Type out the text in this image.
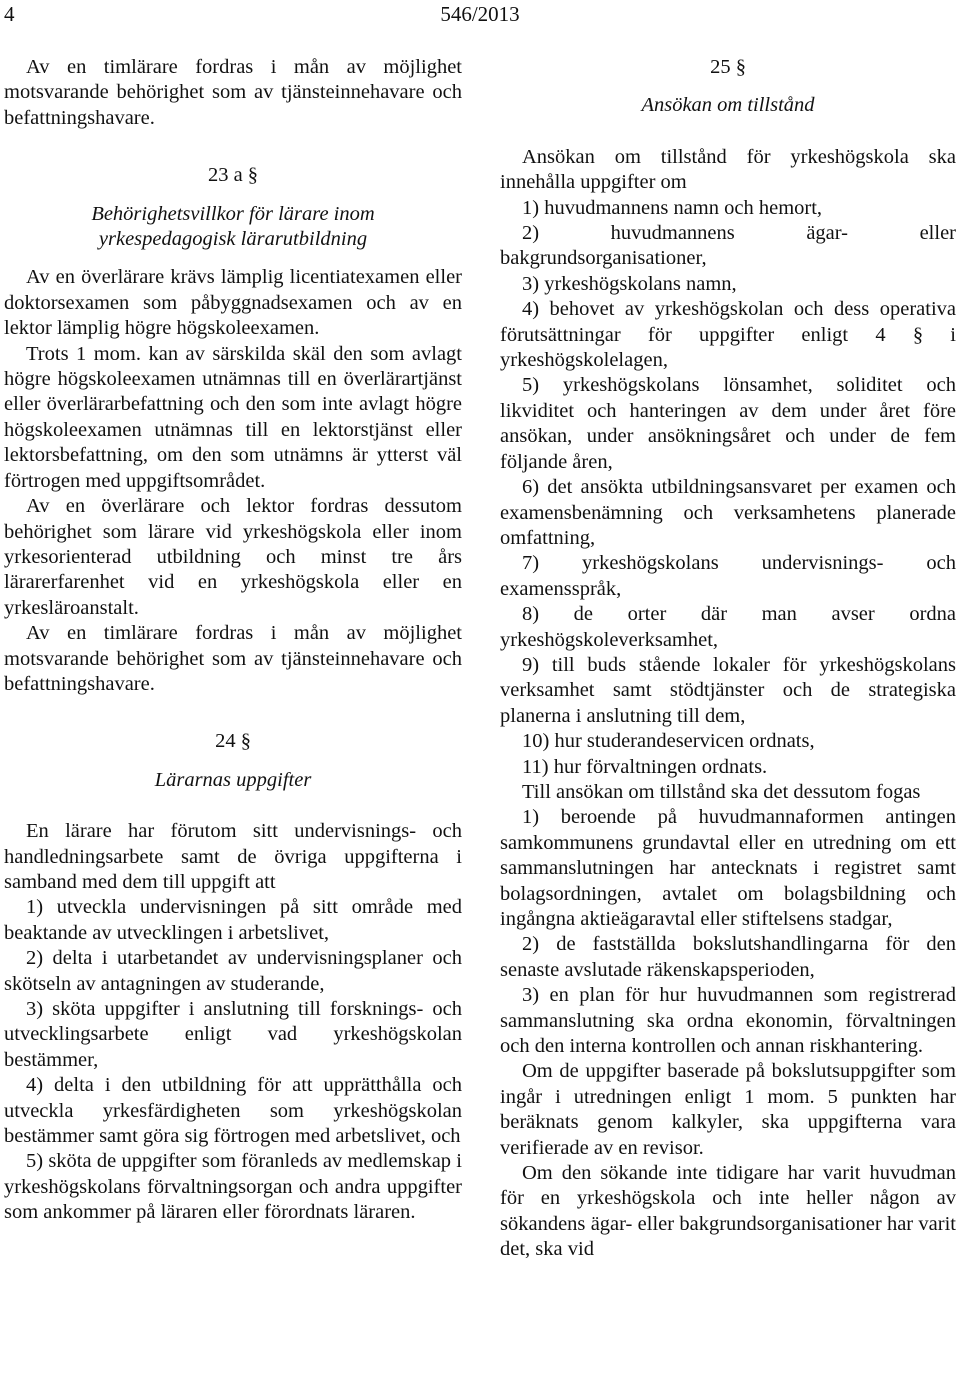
4	546/2013

Av en timlärare fordras i mån av möjlighet motsvarande behörighet som av tjänsteinnehavare och befattningshavare.

23 a §

Behörighetsvillkor för lärare inom

yrkespedagogisk lärarutbildning

Av en överlärare krävs lämplig licentiatexamen eller doktorsexamen som påbyggnadsexamen och av en lektor lämplig högre högskoleexamen.

Trots 1 mom. kan av särskilda skäl den som avlagt högre högskoleexamen utnämnas till en överlärartjänst eller överlärarbefattning och den som inte avlagt högre högskoleexamen utnämnas till en lektorstjänst eller lektorsbefattning, om den som utnämns är ytterst väl förtrogen med uppgiftsområdet.

Av en överlärare och lektor fordras dessutom behörighet som lärare vid yrkeshögskola eller inom yrkesorienterad utbildning och minst tre års lärarerfarenhet vid en yrkeshögskola eller en yrkesläroanstalt.

Av en timlärare fordras i mån av möjlighet motsvarande behörighet som av tjänsteinnehavare och befattningshavare.

24 §

Lärarnas uppgifter

En lärare har förutom sitt undervisnings- och handledningsarbete samt de övriga uppgifterna i samband med dem till uppgift att

1) utveckla undervisningen på sitt område med beaktande av utvecklingen i arbetslivet,

2) delta i utarbetandet av undervisningsplaner och skötseln av antagningen av studerande,

3) sköta uppgifter i anslutning till forsknings- och utvecklingsarbete enligt vad yrkeshögskolan bestämmer,

4) delta i den utbildning för att upprätthålla och utveckla yrkesfärdigheten som yrkeshögskolan bestämmer samt göra sig förtrogen med arbetslivet, och

5) sköta de uppgifter som föranleds av medlemskap i yrkeshögskolans förvaltningsorgan och andra uppgifter som ankommer på läraren eller förordnats läraren.

25 §

Ansökan om tillstånd

Ansökan om tillstånd för yrkeshögskola ska innehålla uppgifter om

1) huvudmannens namn och hemort,

2) huvudmannens ägar- eller bakgrundsorganisationer,

3) yrkeshögskolans namn,

4) behovet av yrkeshögskolan och dess operativa förutsättningar för uppgifter enligt 4 § i yrkeshögskolelagen,

5) yrkeshögskolans lönsamhet, soliditet och likviditet och hanteringen av dem under året före ansökan, under ansökningsåret och under de fem följande åren,

6) det ansökta utbildningsansvaret per examen och examensbenämning och verksamhetens planerade omfattning,

7) yrkeshögskolans undervisnings- och examensspråk,

8) de orter där man avser ordna yrkeshögskoleverksamhet,

9) till buds stående lokaler för yrkeshögskolans verksamhet samt stödtjänster och de strategiska planerna i anslutning till dem,

10) hur studerandeservicen ordnats,

11) hur förvaltningen ordnats.

Till ansökan om tillstånd ska det dessutom fogas

1) beroende på huvudmannaformen antingen samkommunens grundavtal eller en utredning om ett sammanslutningen har antecknats i registret samt bolagsordningen, avtalet om bolagsbildning och ingångna aktieägaravtal eller stiftelsens stadgar,

2) de fastställda bokslutshandlingarna för den senaste avslutade räkenskapsperioden,

3) en plan för hur huvudmannen som registrerad sammanslutning ska ordna ekonomin, förvaltningen och den interna kontrollen och annan riskhantering.

Om de uppgifter baserade på bokslutsuppgifter som ingår i utredningen enligt 1 mom. 5 punkten har beräknats genom kalkyler, ska uppgifterna vara verifierade av en revisor.

Om den sökande inte tidigare har varit huvudman för en yrkeshögskola och inte heller någon av sökandens ägar- eller bakgrundsorganisationer har varit det, ska vid
